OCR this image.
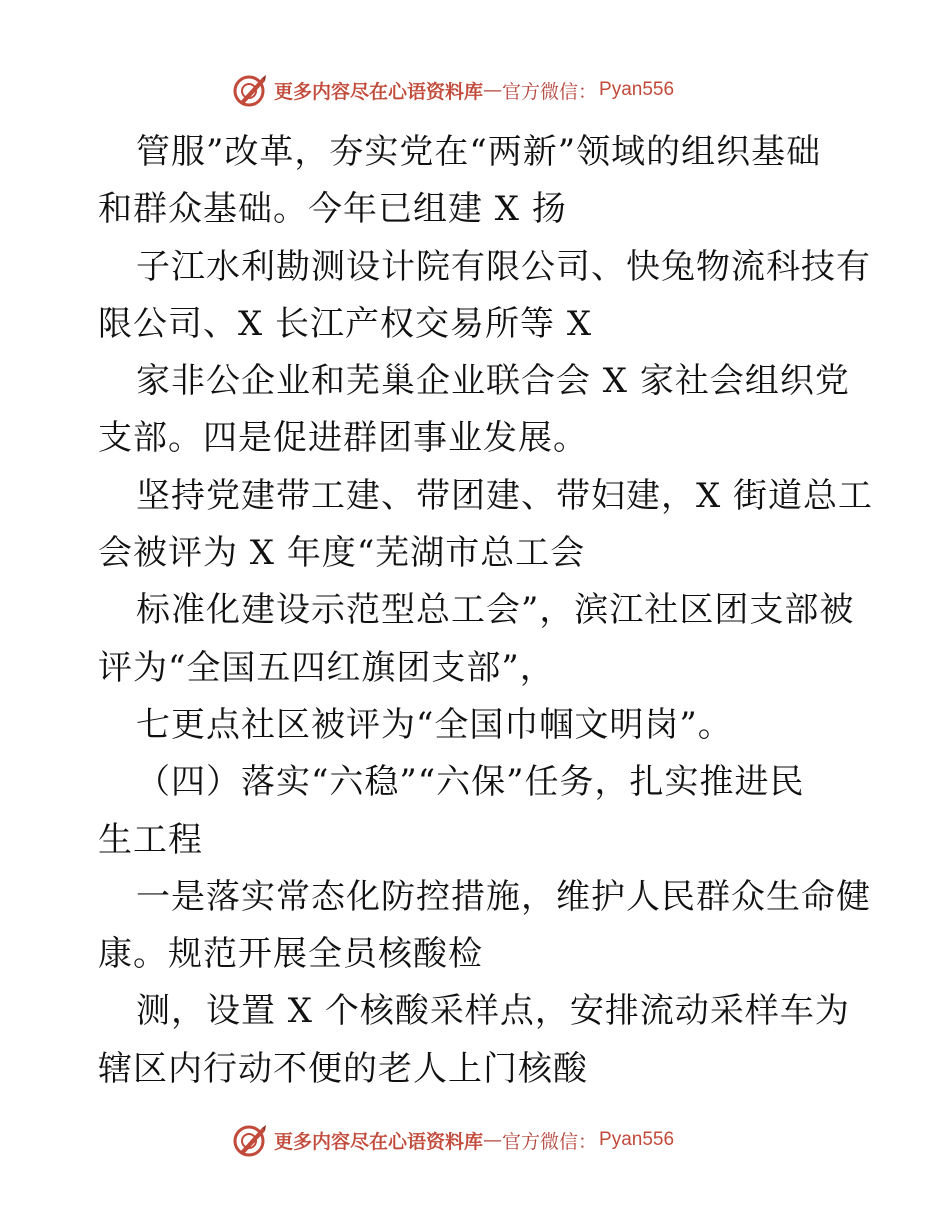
更多内容尽在心语资料库 — 官方微信： Pyan556
管服”改革，夯实党在“两新”领域的组织基础
和群众基础。今年已组建 X 扬
子江水利勘测设计院有限公司、快兔物流科技有
限公司、X 长江产权交易所等 X
家非公企业和芜巢企业联合会 X 家社会组织党
支部。四是促进群团事业发展。
坚持党建带工建、带团建、带妇建，X 街道总工
会被评为 X 年度“芜湖市总工会
标准化建设示范型总工会”，滨江社区团支部被
评为“全国五四红旗团支部”，
七更点社区被评为“全国巾帼文明岗”。
（四）落实“六稳”“六保”任务，扎实推进民
生工程
一是落实常态化防控措施，维护人民群众生命健
康。规范开展全员核酸检
测，设置 X 个核酸采样点，安排流动采样车为
辖区内行动不便的老人上门核酸
更多内容尽在心语资料库 — 官方微信： Pyan556
